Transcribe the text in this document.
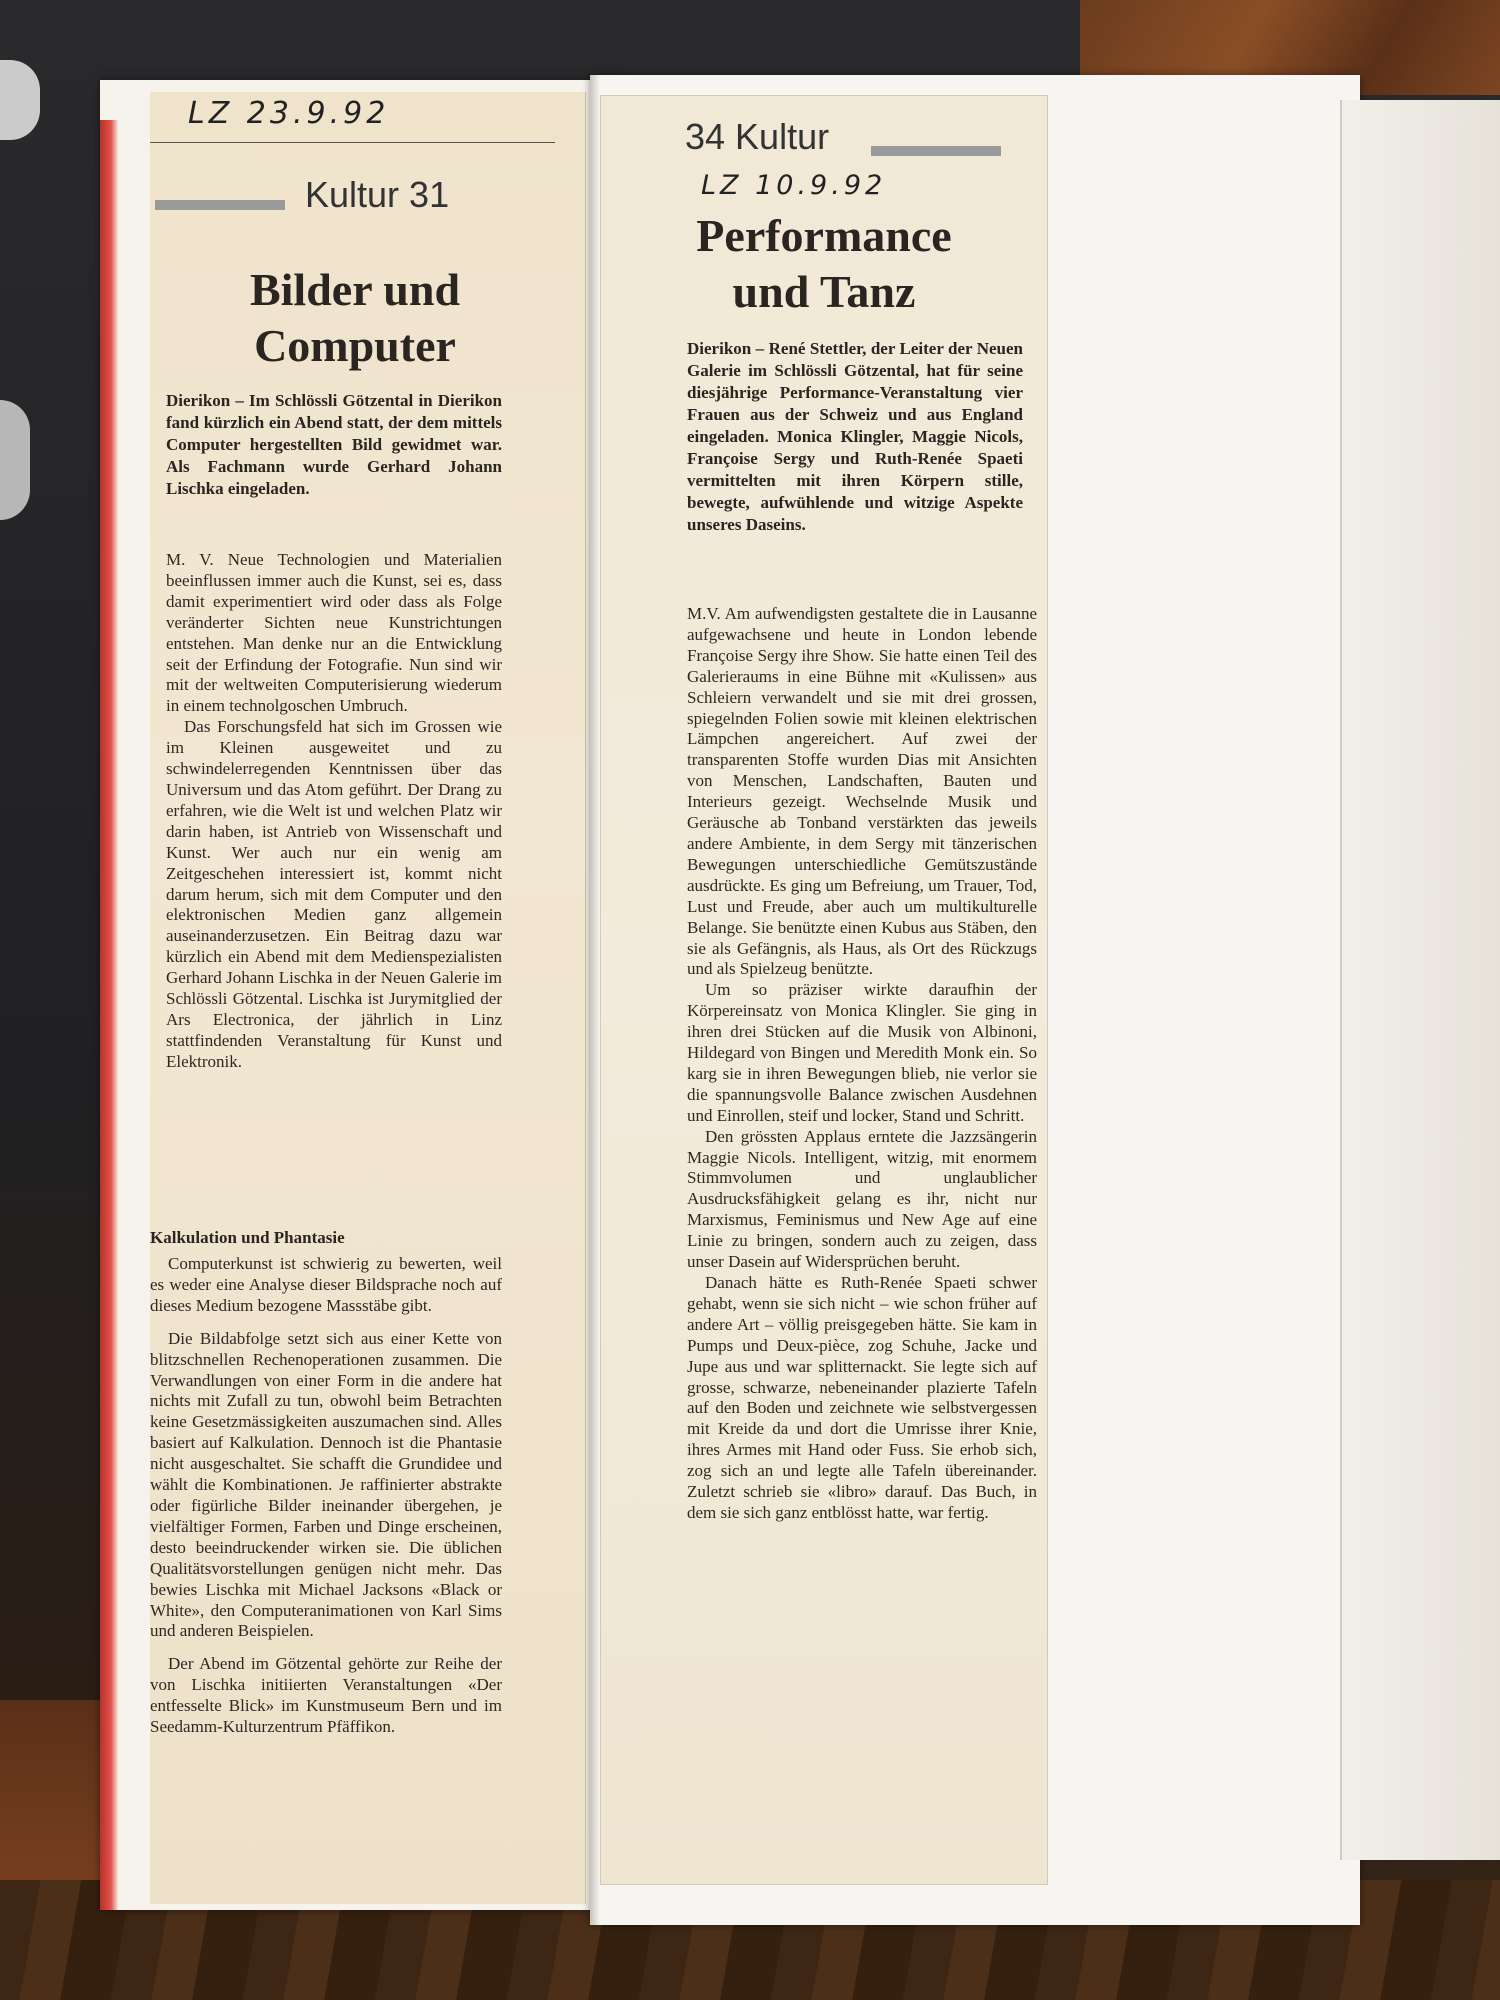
LZ 23.9.92
Kultur 31
Bilder und
Computer
Dierikon – Im Schlössli Götzental in Dierikon fand kürzlich ein Abend statt, der dem mittels Computer hergestellten Bild gewidmet war. Als Fachmann wurde Gerhard Johann Lischka eingeladen.

M. V. Neue Technologien und Materialien beeinflussen immer auch die Kunst, sei es, dass damit experimentiert wird oder dass als Folge veränderter Sichten neue Kunstrichtungen entstehen. Man denke nur an die Entwicklung seit der Erfindung der Fotografie. Nun sind wir mit der weltweiten Computerisierung wiederum in einem technolgoschen Umbruch.

Das Forschungsfeld hat sich im Grossen wie im Kleinen ausgeweitet und zu schwindelerregenden Kenntnissen über das Universum und das Atom geführt. Der Drang zu erfahren, wie die Welt ist und welchen Platz wir darin haben, ist Antrieb von Wissenschaft und Kunst. Wer auch nur ein wenig am Zeitgeschehen interessiert ist, kommt nicht darum herum, sich mit dem Computer und den elektronischen Medien ganz allgemein auseinanderzusetzen. Ein Beitrag dazu war kürzlich ein Abend mit dem Medienspezialisten Gerhard Johann Lischka in der Neuen Galerie im Schlössli Götzental. Lischka ist Jurymitglied der Ars Electronica, der jährlich in Linz stattfindenden Veranstaltung für Kunst und Elektronik.

Kalkulation und Phantasie

Computerkunst ist schwierig zu bewerten, weil es weder eine Analyse dieser Bildsprache noch auf dieses Medium bezogene Massstäbe gibt.

Die Bildabfolge setzt sich aus einer Kette von blitzschnellen Rechenoperationen zusammen. Die Verwandlungen von einer Form in die andere hat nichts mit Zufall zu tun, obwohl beim Betrachten keine Gesetzmässigkeiten auszumachen sind. Alles basiert auf Kalkulation. Dennoch ist die Phantasie nicht ausgeschaltet. Sie schafft die Grundidee und wählt die Kombinationen. Je raffinierter abstrakte oder figürliche Bilder ineinander übergehen, je vielfältiger Formen, Farben und Dinge erscheinen, desto beeindruckender wirken sie. Die üblichen Qualitätsvorstellungen genügen nicht mehr. Das bewies Lischka mit Michael Jacksons «Black or White», den Computeranimationen von Karl Sims und anderen Beispielen.

Der Abend im Götzental gehörte zur Reihe der von Lischka initiierten Veranstaltungen «Der entfesselte Blick» im Kunstmuseum Bern und im Seedamm-Kulturzentrum Pfäffikon.

34 Kultur
LZ 10.9.92
Performance
und Tanz
Dierikon – René Stettler, der Leiter der Neuen Galerie im Schlössli Götzental, hat für seine diesjährige Performance-Veranstaltung vier Frauen aus der Schweiz und aus England eingeladen. Monica Klingler, Maggie Nicols, Françoise Sergy und Ruth-Renée Spaeti vermittelten mit ihren Körpern stille, bewegte, aufwühlende und witzige Aspekte unseres Daseins.

M.V. Am aufwendigsten gestaltete die in Lausanne aufgewachsene und heute in London lebende Françoise Sergy ihre Show. Sie hatte einen Teil des Galerieraums in eine Bühne mit «Kulissen» aus Schleiern verwandelt und sie mit drei grossen, spiegelnden Folien sowie mit kleinen elektrischen Lämpchen angereichert. Auf zwei der transparenten Stoffe wurden Dias mit Ansichten von Menschen, Landschaften, Bauten und Interieurs gezeigt. Wechselnde Musik und Geräusche ab Tonband verstärkten das jeweils andere Ambiente, in dem Sergy mit tänzerischen Bewegungen unterschiedliche Gemütszustände ausdrückte. Es ging um Befreiung, um Trauer, Tod, Lust und Freude, aber auch um multikulturelle Belange. Sie benützte einen Kubus aus Stäben, den sie als Gefängnis, als Haus, als Ort des Rückzugs und als Spielzeug benützte.

Um so präziser wirkte daraufhin der Körpereinsatz von Monica Klingler. Sie ging in ihren drei Stücken auf die Musik von Albinoni, Hildegard von Bingen und Meredith Monk ein. So karg sie in ihren Bewegungen blieb, nie verlor sie die spannungsvolle Balance zwischen Ausdehnen und Einrollen, steif und locker, Stand und Schritt.

Den grössten Applaus erntete die Jazzsängerin Maggie Nicols. Intelligent, witzig, mit enormem Stimmvolumen und unglaublicher Ausdrucksfähigkeit gelang es ihr, nicht nur Marxismus, Feminismus und New Age auf eine Linie zu bringen, sondern auch zu zeigen, dass unser Dasein auf Widersprüchen beruht.

Danach hätte es Ruth-Renée Spaeti schwer gehabt, wenn sie sich nicht – wie schon früher auf andere Art – völlig preisgegeben hätte. Sie kam in Pumps und Deux-pièce, zog Schuhe, Jacke und Jupe aus und war splitternackt. Sie legte sich auf grosse, schwarze, nebeneinander plazierte Tafeln auf den Boden und zeichnete wie selbstvergessen mit Kreide da und dort die Umrisse ihrer Knie, ihres Armes mit Hand oder Fuss. Sie erhob sich, zog sich an und legte alle Tafeln übereinander. Zuletzt schrieb sie «libro» darauf. Das Buch, in dem sie sich ganz entblösst hatte, war fertig.
